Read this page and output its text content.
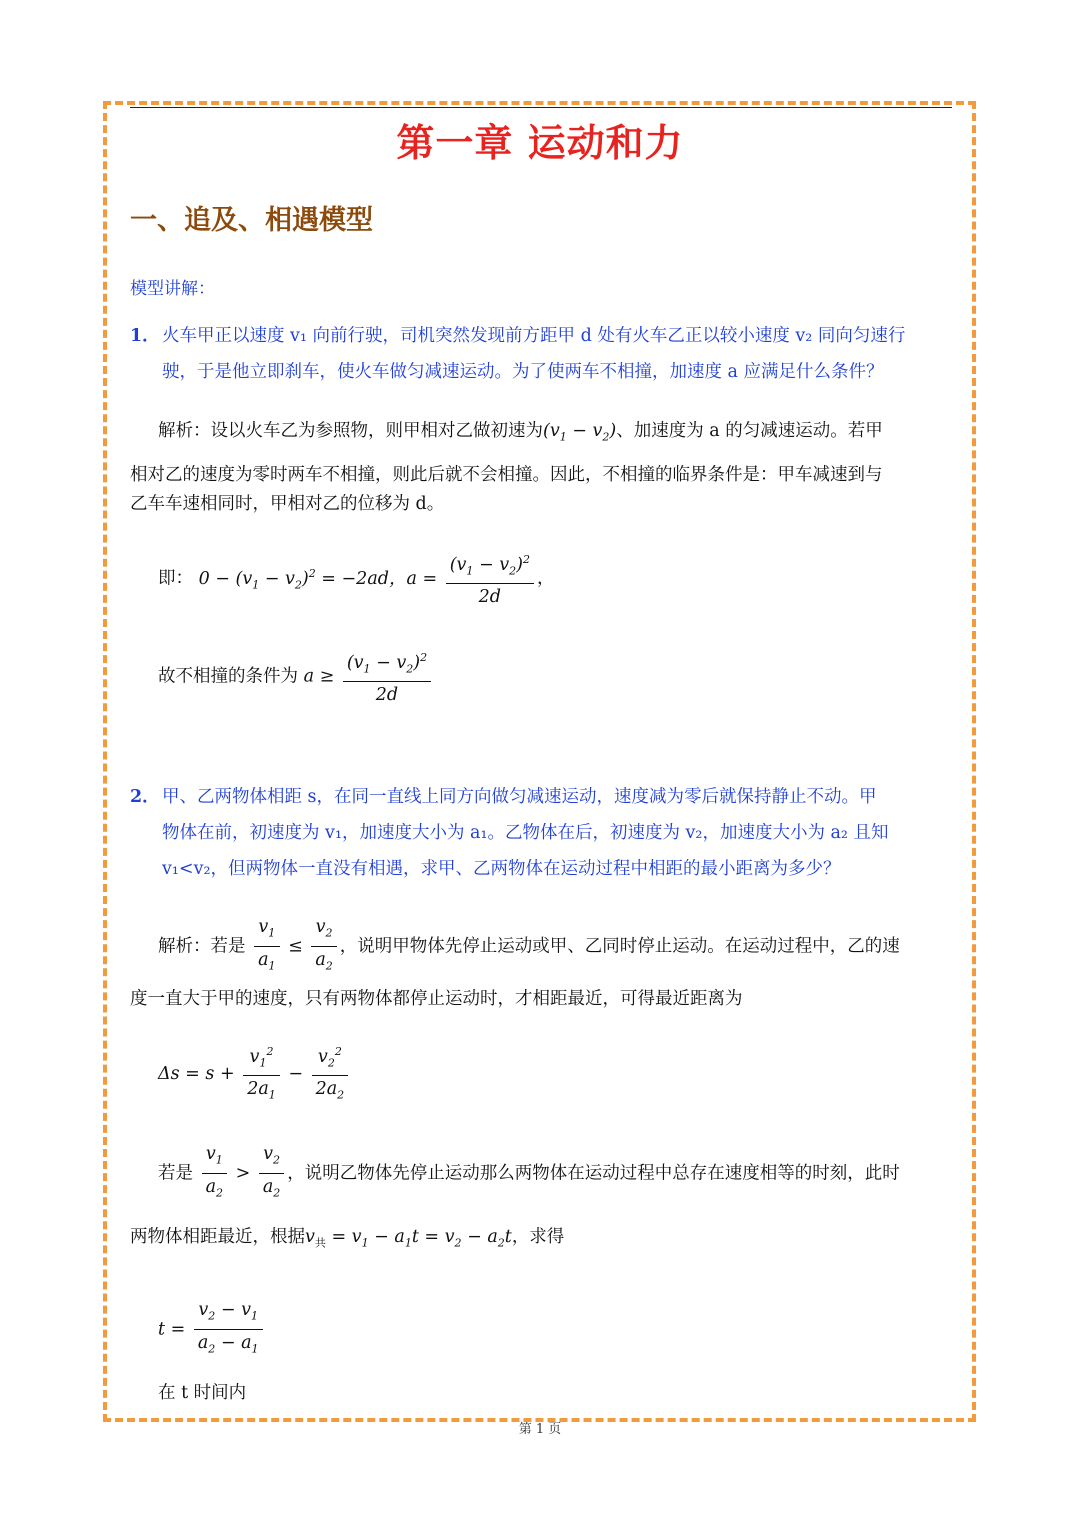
第一章 运动和力
一、追及、相遇模型
模型讲解：
1． 火车甲正以速度 v₁ 向前行驶，司机突然发现前方距甲 d 处有火车乙正以较小速度 v₂ 同向匀速行
驶，于是他立即刹车，使火车做匀减速运动。为了使两车不相撞，加速度 a 应满足什么条件？
解析：设以火车乙为参照物，则甲相对乙做初速为$(v_1 - v_2)$、加速度为 a 的匀减速运动。若甲
相对乙的速度为零时两车不相撞，则此后就不会相撞。因此，不相撞的临界条件是：甲车减速到与
乙车车速相同时，甲相对乙的位移为 d。
即： $0 - (v_1 - v_2)^2 = -2ad$，$a = \frac{(v_1 - v_2)^2}{2d}$ ，
故不相撞的条件为 $a \ge \frac{(v_1 - v_2)^2}{2d}$
2． 甲、乙两物体相距 s，在同一直线上同方向做匀减速运动，速度减为零后就保持静止不动。甲
物体在前，初速度为 v₁，加速度大小为 a₁。乙物体在后，初速度为 v₂，加速度大小为 a₂ 且知
v₁<v₂，但两物体一直没有相遇，求甲、乙两物体在运动过程中相距的最小距离为多少？
解析：若是 $\frac{v_1}{a_1} \le \frac{v_2}{a_2}$ ，说明甲物体先停止运动或甲、乙同时停止运动。在运动过程中，乙的速
度一直大于甲的速度，只有两物体都停止运动时，才相距最近，可得最近距离为
$\Delta s = s + \frac{v_1^2}{2a_1} - \frac{v_2^2}{2a_2}$
若是 $\frac{v_1}{a_2} > \frac{v_2}{a_2}$ ，说明乙物体先停止运动那么两物体在运动过程中总存在速度相等的时刻，此时
两物体相距最近，根据$v_共 = v_1 - a_1t = v_2 - a_2t$，求得
$t = \frac{v_2 - v_1}{a_2 - a_1}$
在 t 时间内
第 1 页
